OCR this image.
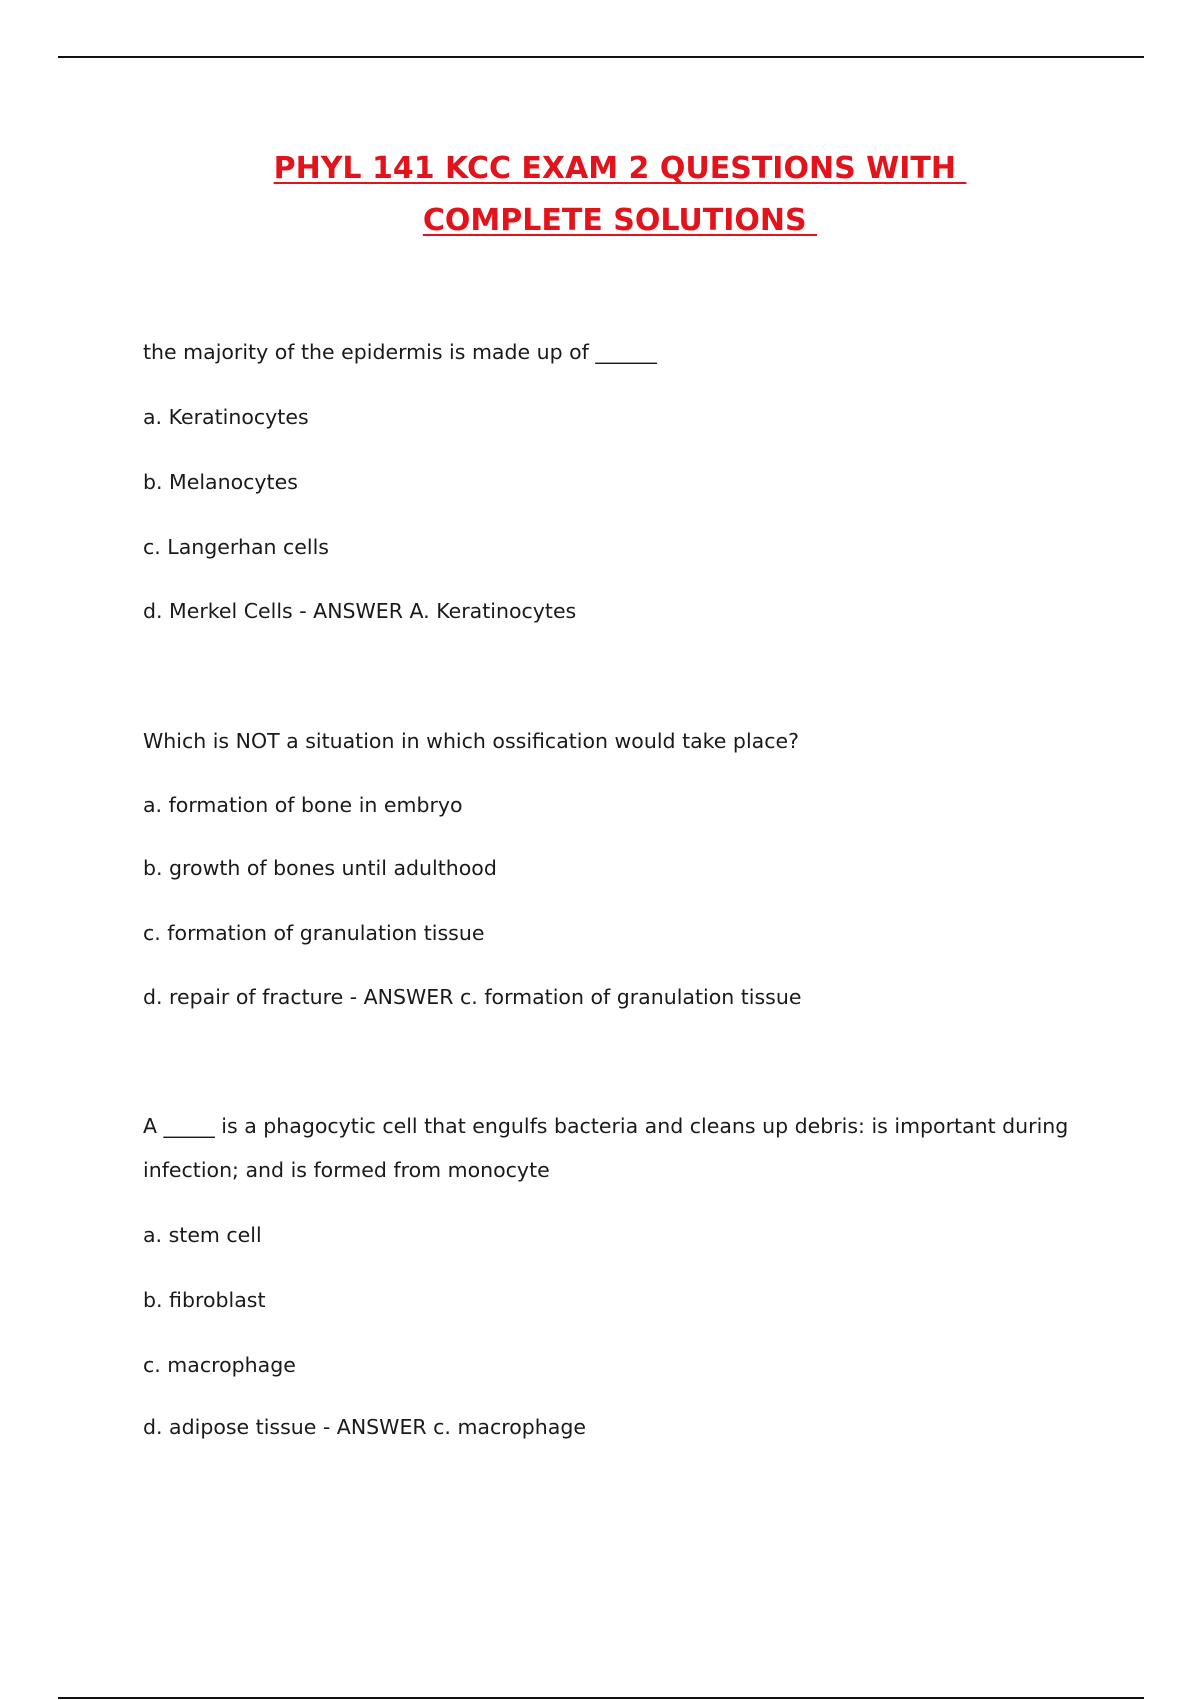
PHYL 141 KCC EXAM 2 QUESTIONS WITH
COMPLETE SOLUTIONS
the majority of the epidermis is made up of ______
a. Keratinocytes
b. Melanocytes
c. Langerhan cells
d. Merkel Cells - ANSWER A. Keratinocytes
Which is NOT a situation in which ossification would take place?
a. formation of bone in embryo
b. growth of bones until adulthood
c. formation of granulation tissue
d. repair of fracture - ANSWER c. formation of granulation tissue
A _____ is a phagocytic cell that engulfs bacteria and cleans up debris: is important during
infection; and is formed from monocyte
a. stem cell
b. fibroblast
c. macrophage
d. adipose tissue - ANSWER c. macrophage
